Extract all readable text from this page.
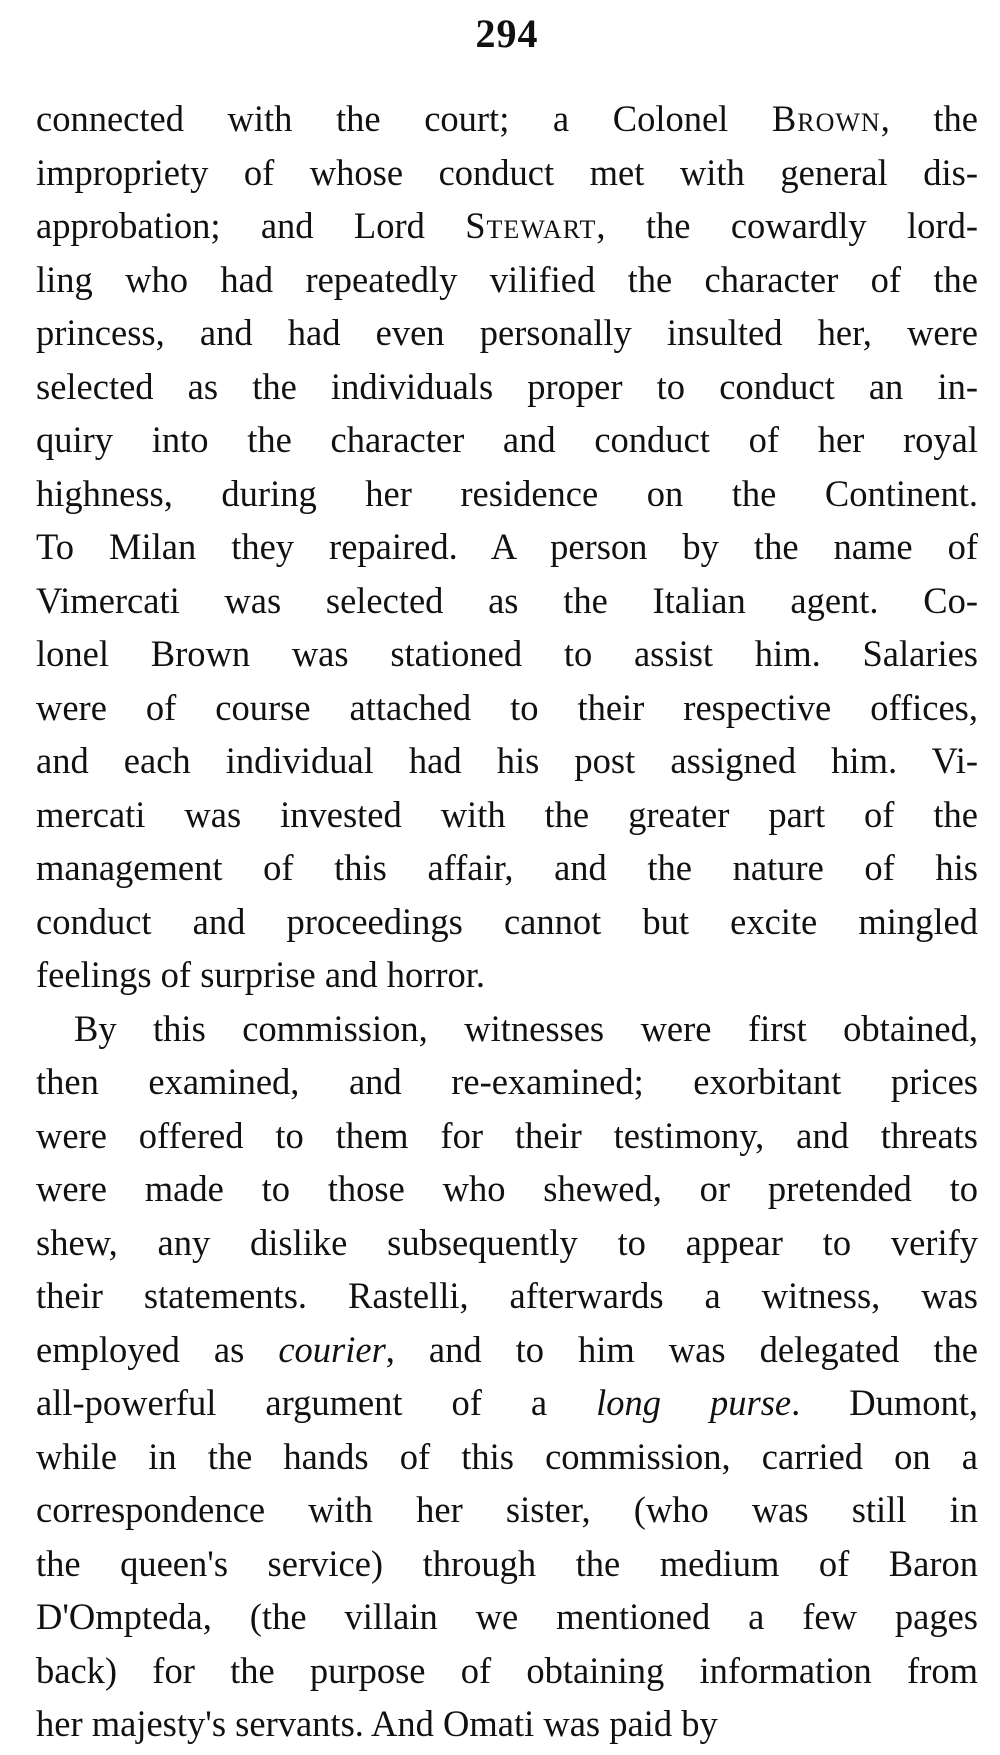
294
connected with the court; a Colonel Brown, the
impropriety of whose conduct met with general dis-
approbation; and Lord Stewart, the cowardly lord-
ling who had repeatedly vilified the character of the
princess, and had even personally insulted her, were
selected as the individuals proper to conduct an in-
quiry into the character and conduct of her royal
highness, during her residence on the Continent.
To Milan they repaired. A person by the name of
Vimercati was selected as the Italian agent. Co-
lonel Brown was stationed to assist him. Salaries
were of course attached to their respective offices,
and each individual had his post assigned him. Vi-
mercati was invested with the greater part of the
management of this affair, and the nature of his
conduct and proceedings cannot but excite mingled
feelings of surprise and horror.
By this commission, witnesses were first obtained,
then examined, and re-examined; exorbitant prices
were offered to them for their testimony, and threats
were made to those who shewed, or pretended to
shew, any dislike subsequently to appear to verify
their statements. Rastelli, afterwards a witness, was
employed as courier, and to him was delegated the
all-powerful argument of a long purse. Dumont,
while in the hands of this commission, carried on a
correspondence with her sister, (who was still in
the queen's service) through the medium of Baron
D'Ompteda, (the villain we mentioned a few pages
back) for the purpose of obtaining information from
her majesty's servants. And Omati was paid by
